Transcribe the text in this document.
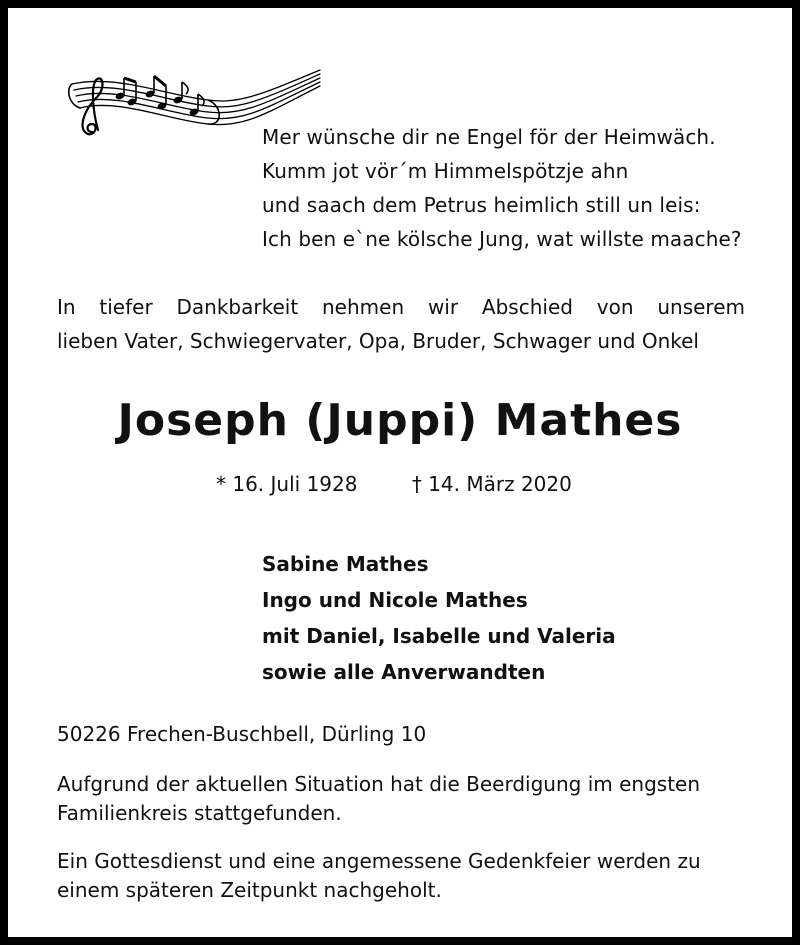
Mer wünsche dir ne Engel för der Heimwäch.
Kumm jot vör´m Himmelspötzje ahn
und saach dem Petrus heimlich still un leis:
Ich ben e`ne kölsche Jung, wat willste maache?
In tiefer Dankbarkeit nehmen wir Abschied von unserem
lieben Vater, Schwiegervater, Opa, Bruder, Schwager und Onkel
Joseph (Juppi) Mathes
* 16. Juli 1928	† 14. März 2020
Sabine Mathes
Ingo und Nicole Mathes
mit Daniel, Isabelle und Valeria
sowie alle Anverwandten
50226 Frechen-Buschbell, Dürling 10
Aufgrund der aktuellen Situation hat die Beerdigung im engsten
Familienkreis stattgefunden.
Ein Gottesdienst und eine angemessene Gedenkfeier werden zu
einem späteren Zeitpunkt nachgeholt.
